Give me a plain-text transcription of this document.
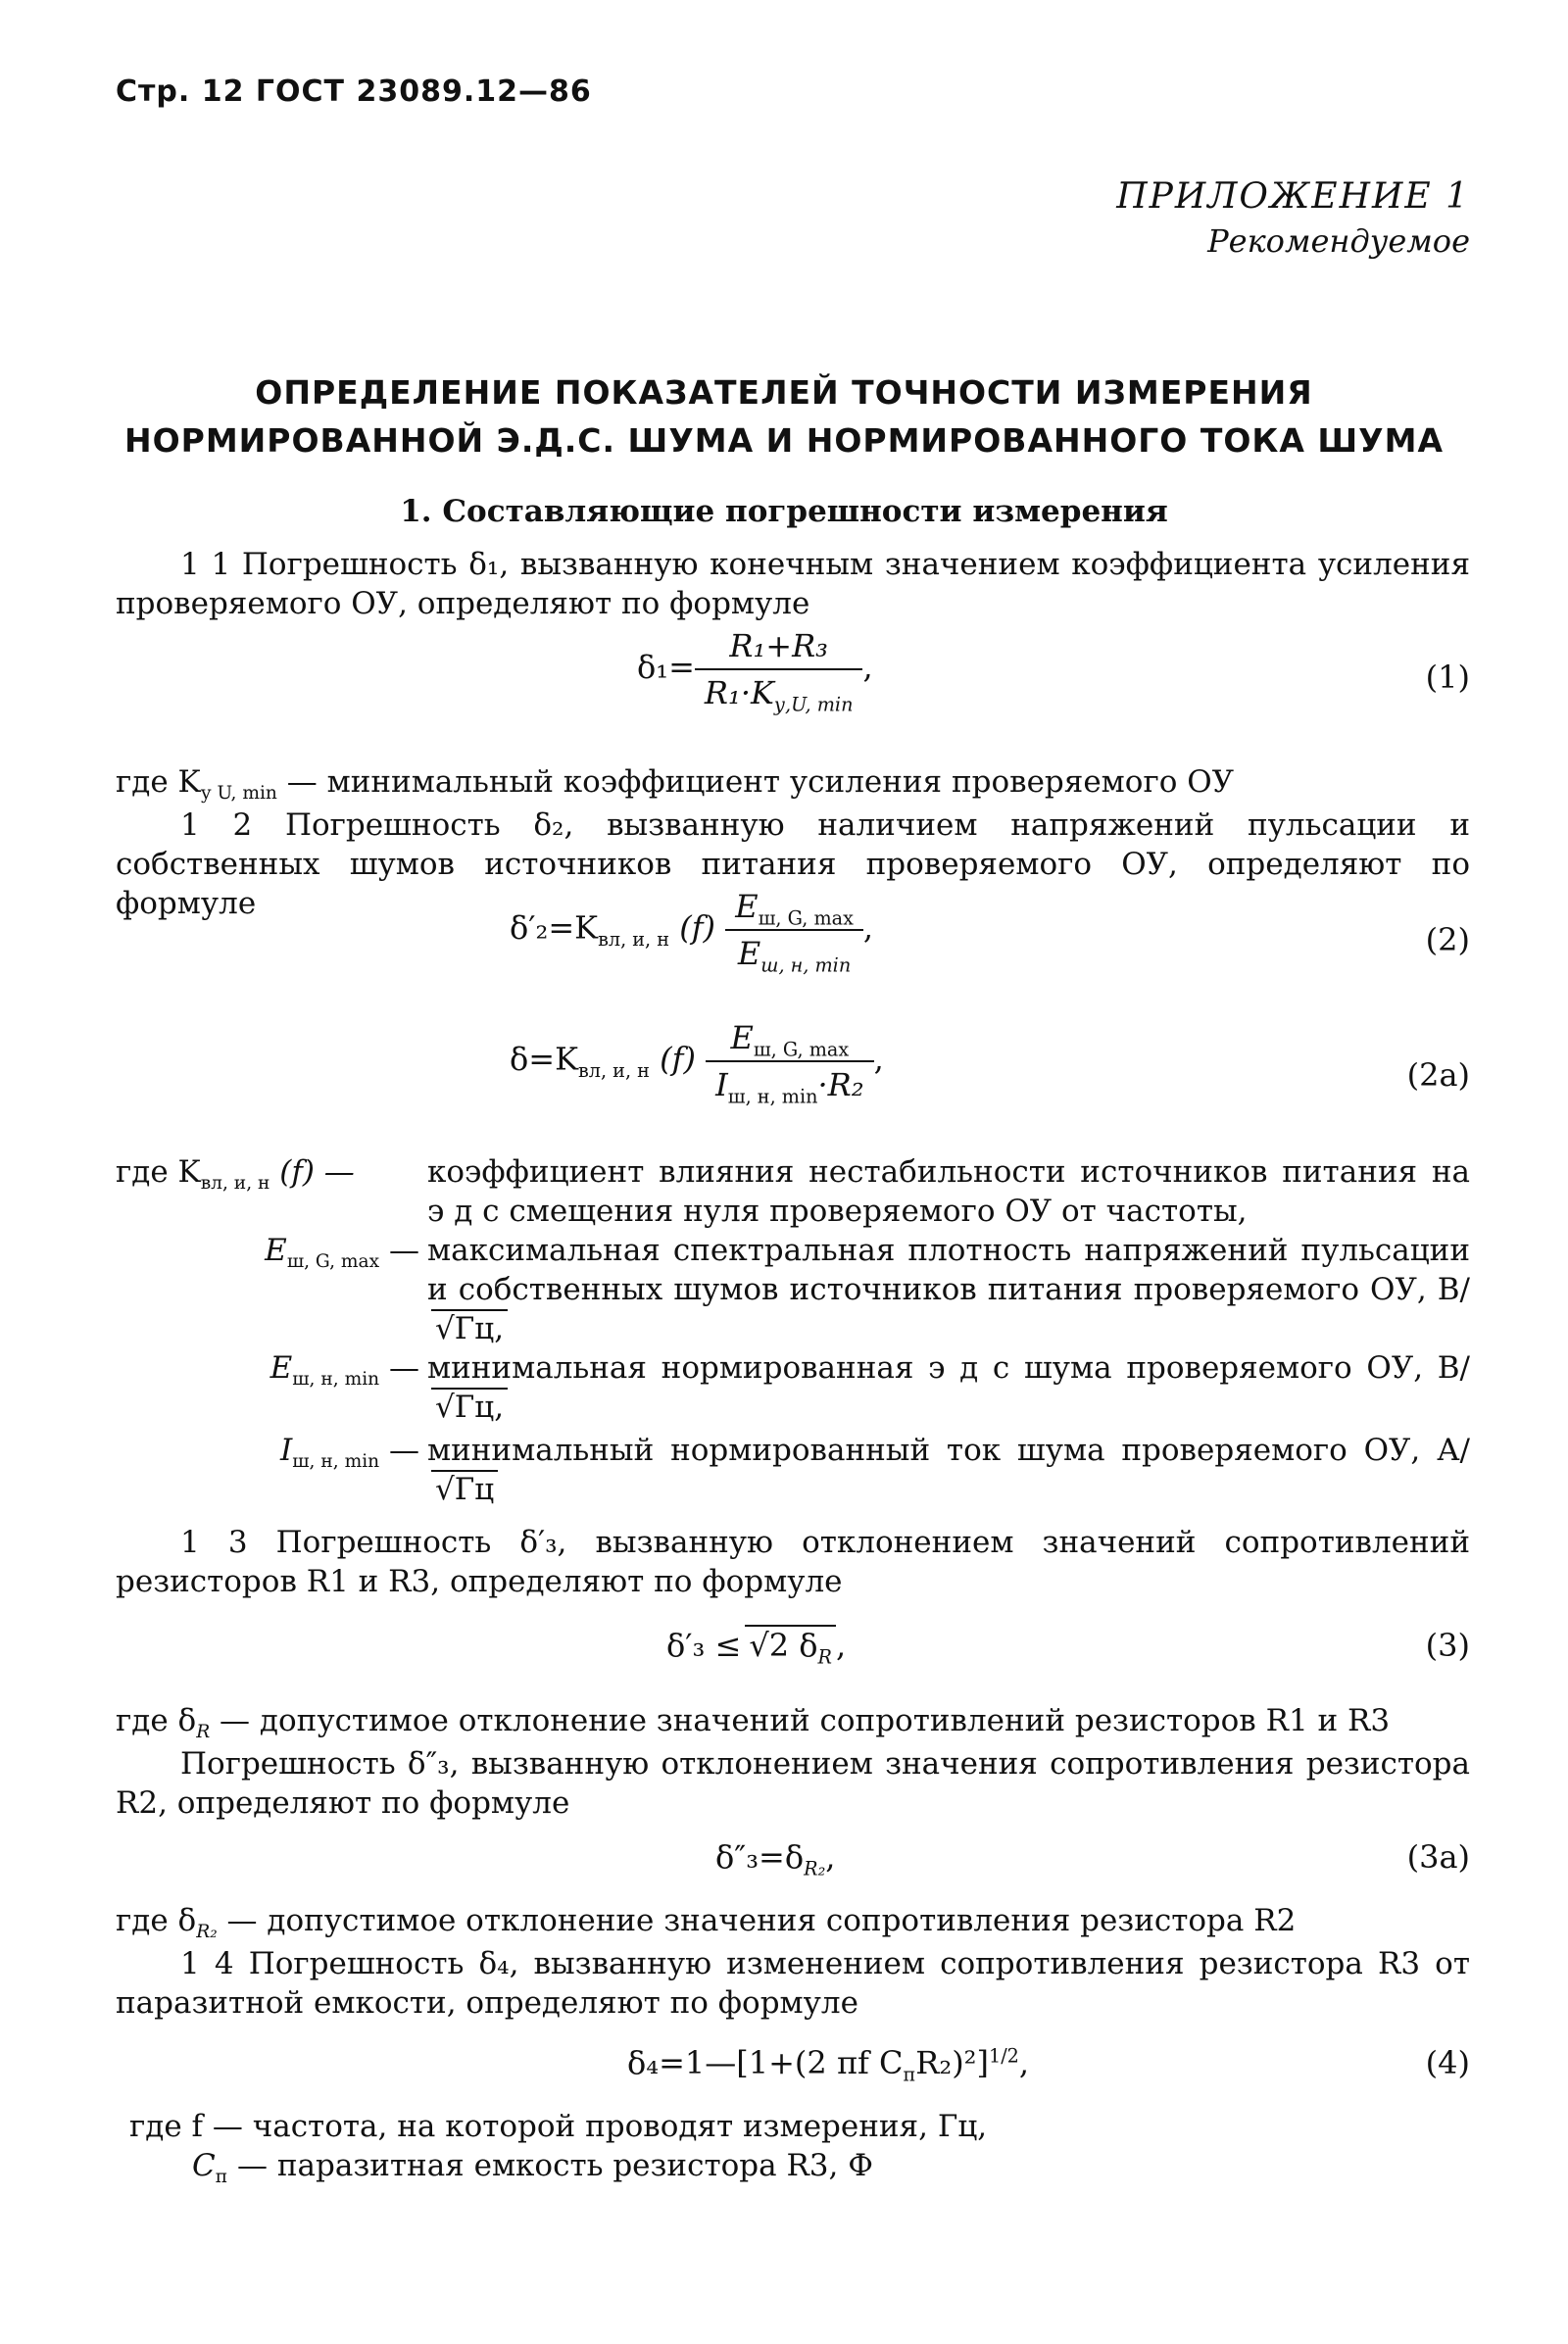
Стр. 12 ГОСТ 23089.12—86
ПРИЛОЖЕНИЕ 1
Рекомендуемое
ОПРЕДЕЛЕНИЕ ПОКАЗАТЕЛЕЙ ТОЧНОСТИ ИЗМЕРЕНИЯ
НОРМИРОВАННОЙ Э.Д.С. ШУМА И НОРМИРОВАННОГО ТОКА ШУМА
1. Составляющие погрешности измерения
1 1 Погрешность δ₁, вызванную конечным значением коэффициента усиления проверяемого ОУ, определяют по формуле
$\delta_1= \frac{\text{R₁+R₃}}{R_1\cdot K_{у,U, min}}$ ,	(1)
где $K_{у U, min}$ — минимальный коэффициент усиления проверяемого ОУ
1 2 Погрешность δ₂, вызванную наличием напряжений пульсации и собственных шумов источников питания проверяемого ОУ, определяют по формуле
$\delta'_2=K_{вл, и, н}$ $(f) \frac{E_{ш, G, max}}{E_{ш, н, min}}$ ,	(2)
$\delta=K_{вл, и, н}$ $(f) \frac{E_{ш, G, max}}{I_{ш, н, min}\cdot R_2}$ ,	(2a)
где $K_{вл, и, н}$ (f) —	коэффициент влияния нестабильности источников питания на э д с смещения нуля проверяемого ОУ от частоты,
$E_{ш, G, max}$ — максимальная спектральная плотность напряжений пульсации и собственных шумов источников питания проверяемого ОУ, В/√Гц,
$E_{ш, н, min}$ — минимальная нормированная э д с шума проверяемого ОУ, В/√Гц,
$I_{ш, н, min}$ — минимальный нормированный ток шума проверяемого ОУ, А/√Гц
1 3 Погрешность δ′₃, вызванную отклонением значений сопротивлений резисторов R1 и R3, определяют по формуле
δ′₃ ≤ √2 $\delta_R$ ,	(3)
где $\delta_R$ — допустимое отклонение значений сопротивлений резисторов R1 и R3
Погрешность δ″₃, вызванную отклонением значения сопротивления резистора R2, определяют по формуле
$\delta''_3=\delta_{R_2}$,	(3a)
где $\delta_{R_2}$ — допустимое отклонение значения сопротивления резистора R2
1 4 Погрешность δ₄, вызванную изменением сопротивления резистора R3 от паразитной емкости, определяют по формуле
δ₄=1—[1+(2 πf $C_пR_2)^2]^{1/2}$,	(4)
где f — частота, на которой проводят измерения, Гц,
$C_п$ — паразитная емкость резистора R3, Ф
